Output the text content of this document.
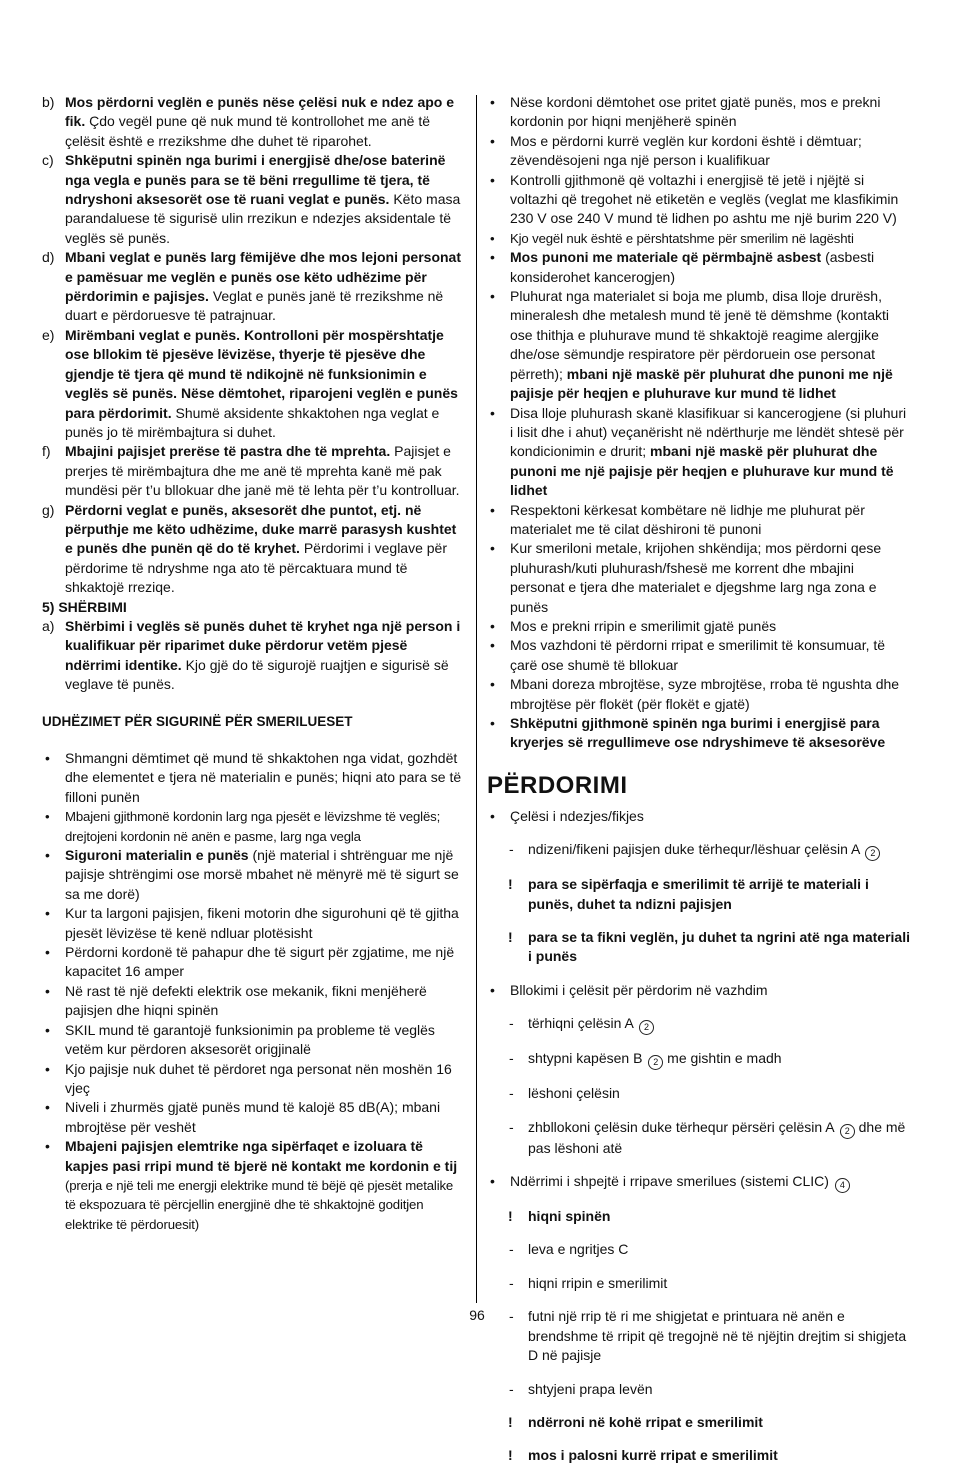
b) Mos përdorni veglën e punës nëse çelësi nuk e ndez apo e fik. Çdo vegël pune që nuk mund të kontrollohet me anë të çelësit është e rrezikshme dhe duhet të riparohet.

c) Shkëputni spinën nga burimi i energjisë dhe/ose baterinë nga vegla e punës para se të bëni rregullime të tjera, të ndryshoni aksesorët ose të ruani veglat e punës. Këto masa parandaluese të sigurisë ulin rrezikun e ndezjes aksidentale të veglës së punës.

d) Mbani veglat e punës larg fëmijëve dhe mos lejoni personat e pamësuar me veglën e punës ose këto udhëzime për përdorimin e pajisjes. Veglat e punës janë të rrezikshme në duart e përdoruesve të patrajnuar.

e) Mirëmbani veglat e punës. Kontrolloni për mospërshtatje ose bllokim të pjesëve lëvizëse, thyerje të pjesëve dhe gjendje të tjera që mund të ndikojnë në funksionimin e veglës së punës. Nëse dëmtohet, riparojeni veglën e punës para përdorimit. Shumë aksidente shkaktohen nga veglat e punës jo të mirëmbajtura si duhet.

f) Mbajini pajisjet prerëse të pastra dhe të mprehta. Pajisjet e prerjes të mirëmbajtura dhe me anë të mprehta kanë më pak mundësi për t’u bllokuar dhe janë më të lehta për t’u kontrolluar.

g) Përdorni veglat e punës, aksesorët dhe puntot, etj. në përputhje me këto udhëzime, duke marrë parasysh kushtet e punës dhe punën që do të kryhet. Përdorimi i veglave për përdorime të ndryshme nga ato të përcaktuara mund të shkaktojë rreziqe.

5) SHËRBIMI

a) Shërbimi i veglës së punës duhet të kryhet nga një person i kualifikuar për riparimet duke përdorur vetëm pjesë ndërrimi identike. Kjo gjë do të sigurojë ruajtjen e sigurisë së veglave të punës.

UDHËZIMET PËR SIGURINË PËR SMERILUESET

• Shmangni dëmtimet që mund të shkaktohen nga vidat, gozhdët dhe elementet e tjera në materialin e punës; hiqni ato para se të filloni punën

• Mbajeni gjithmonë kordonin larg nga pjesët e lëvizshme të veglës; drejtojeni kordonin në anën e pasme, larg nga vegla

• Siguroni materialin e punës (një material i shtrënguar me një pajisje shtrëngimi ose morsë mbahet në mënyrë më të sigurt se sa me dorë)

• Kur ta largoni pajisjen, fikeni motorin dhe sigurohuni që të gjitha pjesët lëvizëse të kenë ndluar plotësisht

• Përdorni kordonë të pahapur dhe të sigurt për zgjatime, me një kapacitet 16 amper

• Në rast të një defekti elektrik ose mekanik, fikni menjëherë pajisjen dhe hiqni spinën

• SKIL mund të garantojë funksionimin pa probleme të veglës vetëm kur përdoren aksesorët origjinalë

• Kjo pajisje nuk duhet të përdoret nga personat nën moshën 16 vjeç

• Niveli i zhurmës gjatë punës mund të kalojë 85 dB(A); mbani mbrojtëse për veshët

• Mbajeni pajisjen elemtrike nga sipërfaqet e izoluara të kapjes pasi rripi mund të bjerë në kontakt me kordonin e tij (prerja e një teli me energji elektrike mund të bëjë që pjesët metalike të ekspozuara të përcjellin energjinë dhe të shkaktojnë goditjen elektrike të përdoruesit)

• Nëse kordoni dëmtohet ose pritet gjatë punës, mos e prekni kordonin por hiqni menjëherë spinën

• Mos e përdorni kurrë veglën kur kordoni është i dëmtuar; zëvendësojeni nga një person i kualifikuar

• Kontrolli gjithmonë që voltazhi i energjisë të jetë i njëjtë si voltazhi që tregohet në etiketën e veglës (veglat me klasfikimin 230 V ose 240 V mund të lidhen po ashtu me një burim 220 V)

• Kjo vegël nuk është e përshtatshme për smerilim në lagështi

• Mos punoni me materiale që përmbajnë asbest (asbesti konsiderohet kancerogjen)

• Pluhurat nga materialet si boja me plumb, disa lloje drurësh, mineralesh dhe metalesh mund të jenë të dëmshme (kontakti ose thithja e pluhurave mund të shkaktojë reagime alergjike dhe/ose sëmundje respiratore për përdoruein ose personat përreth); mbani një maskë për pluhurat dhe punoni me një pajisje për heqjen e pluhurave kur mund të lidhet

• Disa lloje pluhurash skanë klasifikuar si kancerogjene (si pluhuri i lisit dhe i ahut) veçanërisht në ndërthurje me lëndët shtesë për kondicionimin e drurit; mbani një maskë për pluhurat dhe punoni me një pajisje për heqjen e pluhurave kur mund të lidhet

• Respektoni kërkesat kombëtare në lidhje me pluhurat për materialet me të cilat dëshironi të punoni

• Kur smeriloni metale, krijohen shkëndija; mos përdorni qese pluhurash/kuti pluhurash/fshesë me korrent dhe mbajini personat e tjera dhe materialet e djegshme larg nga zona e punës

• Mos e prekni rripin e smerilimit gjatë punës

• Mos vazhdoni të përdorni rripat e smerilimit të konsumuar, të çarë ose shumë të bllokuar

• Mbani doreza mbrojtëse, syze mbrojtëse, rroba të ngushta dhe mbrojtëse për flokët (për flokët e gjatë)

• Shkëputni gjithmonë spinën nga burimi i energjisë para kryerjes së rregullimeve ose ndryshimeve të aksesorëve

PËRDORIMI

• Çelësi i ndezjes/fikjes

- ndizeni/fikeni pajisjen duke tërhequr/lëshuar çelësin A 2

! para se sipërfaqja e smerilimit të arrijë te materiali i punës, duhet ta ndizni pajisjen

! para se ta fikni veglën, ju duhet ta ngrini atë nga materiali i punës

• Bllokimi i çelësit për përdorim në vazhdim

- tërhiqni çelësin A 2

- shtypni kapësen B 2 me gishtin e madh

- lëshoni çelësin

- zhbllokoni çelësin duke tërhequr përsëri çelësin A 2 dhe më pas lëshoni atë

• Ndërrimi i shpejtë i rripave smerilues (sistemi CLIC) 4

! hiqni spinën

- leva e ngritjes C

- hiqni rripin e smerilimit

- futni një rrip të ri me shigjetat e printuara në anën e brendshme të rripit që tregojnë në të njëjtin drejtim si shigjeta D në pajisje

- shtyjeni prapa levën

! ndërroni në kohë rripat e smerilimit

! mos i palosni kurrë rripat e smerilimit

96
